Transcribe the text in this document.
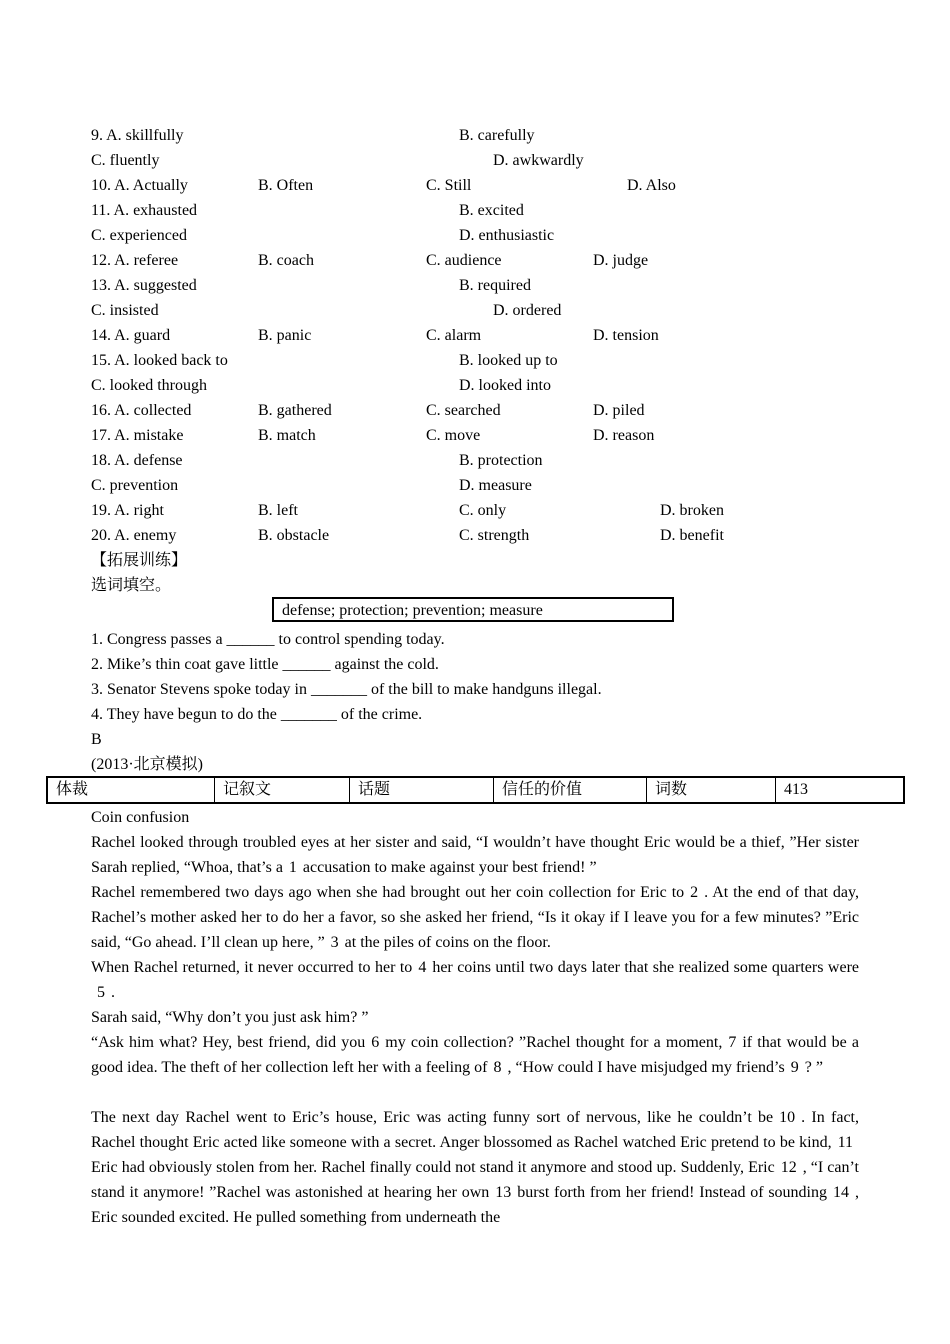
9. A. skillfully	B. carefully
C. fluently	D. awkwardly
10. A. Actually	B. Often	C. Still	D. Also
11. A. exhausted	B. excited
C. experienced	D. enthusiastic
12. A. referee	B. coach	C. audience	D. judge
13. A. suggested	B. required
C. insisted	D. ordered
14. A. guard	B. panic	C. alarm	D. tension
15. A. looked back to	B. looked up to
C. looked through	D. looked into
16. A. collected	B. gathered	C. searched	D. piled
17. A. mistake	B. match	C. move	D. reason
18. A. defense	B. protection
C. prevention	D. measure
19. A. right	B. left	C. only	D. broken
20. A. enemy	B. obstacle	C. strength	D. benefit
【拓展训练】
选词填空。
defense; protection; prevention; measure
1. Congress passes a ______ to control spending today.
2. Mike’s thin coat gave little ______ against the cold.
3. Senator Stevens spoke today in _______ of the bill to make handguns illegal.
4. They have begun to do the _______ of the crime.
B
(2013·北京模拟)
体裁	记叙文	话题	信任的价值	词数	413
Coin confusion
Rachel looked through troubled eyes at her sister and said, “I wouldn’t have thought Eric would be a thief, ”Her sister Sarah replied, “Whoa, that’s a 1 accusation to make against your best friend! ”
Rachel remembered two days ago when she had brought out her coin collection for Eric to 2 . At the end of that day, Rachel’s mother asked her to do her a favor, so she asked her friend, “Is it okay if I leave you for a few minutes? ”Eric said, “Go ahead. I’ll clean up here, ” 3 at the piles of coins on the floor.
When Rachel returned, it never occurred to her to 4 her coins until two days later that she realized some quarters were5 .
Sarah said, “Why don’t you just ask him? ”
“Ask him what? Hey, best friend, did you 6 my coin collection? ”Rachel thought for a moment, 7 if that would be a good idea. The theft of her collection left her with a feeling of 8 , “How could I have misjudged my friend’s 9 ? ”
The next day Rachel went to Eric’s house, Eric was acting funny sort of nervous, like he couldn’t be 10 . In fact, Rachel thought Eric acted like someone with a secret. Anger blossomed as Rachel watched Eric pretend to be kind, 11Eric had obviously stolen from her. Rachel finally could not stand it anymore and stood up. Suddenly, Eric 12 , “I can’t stand it anymore! ”Rachel was astonished at hearing her own 13 burst forth from her friend! Instead of sounding 14 , Eric sounded excited. He pulled something from underneath the
